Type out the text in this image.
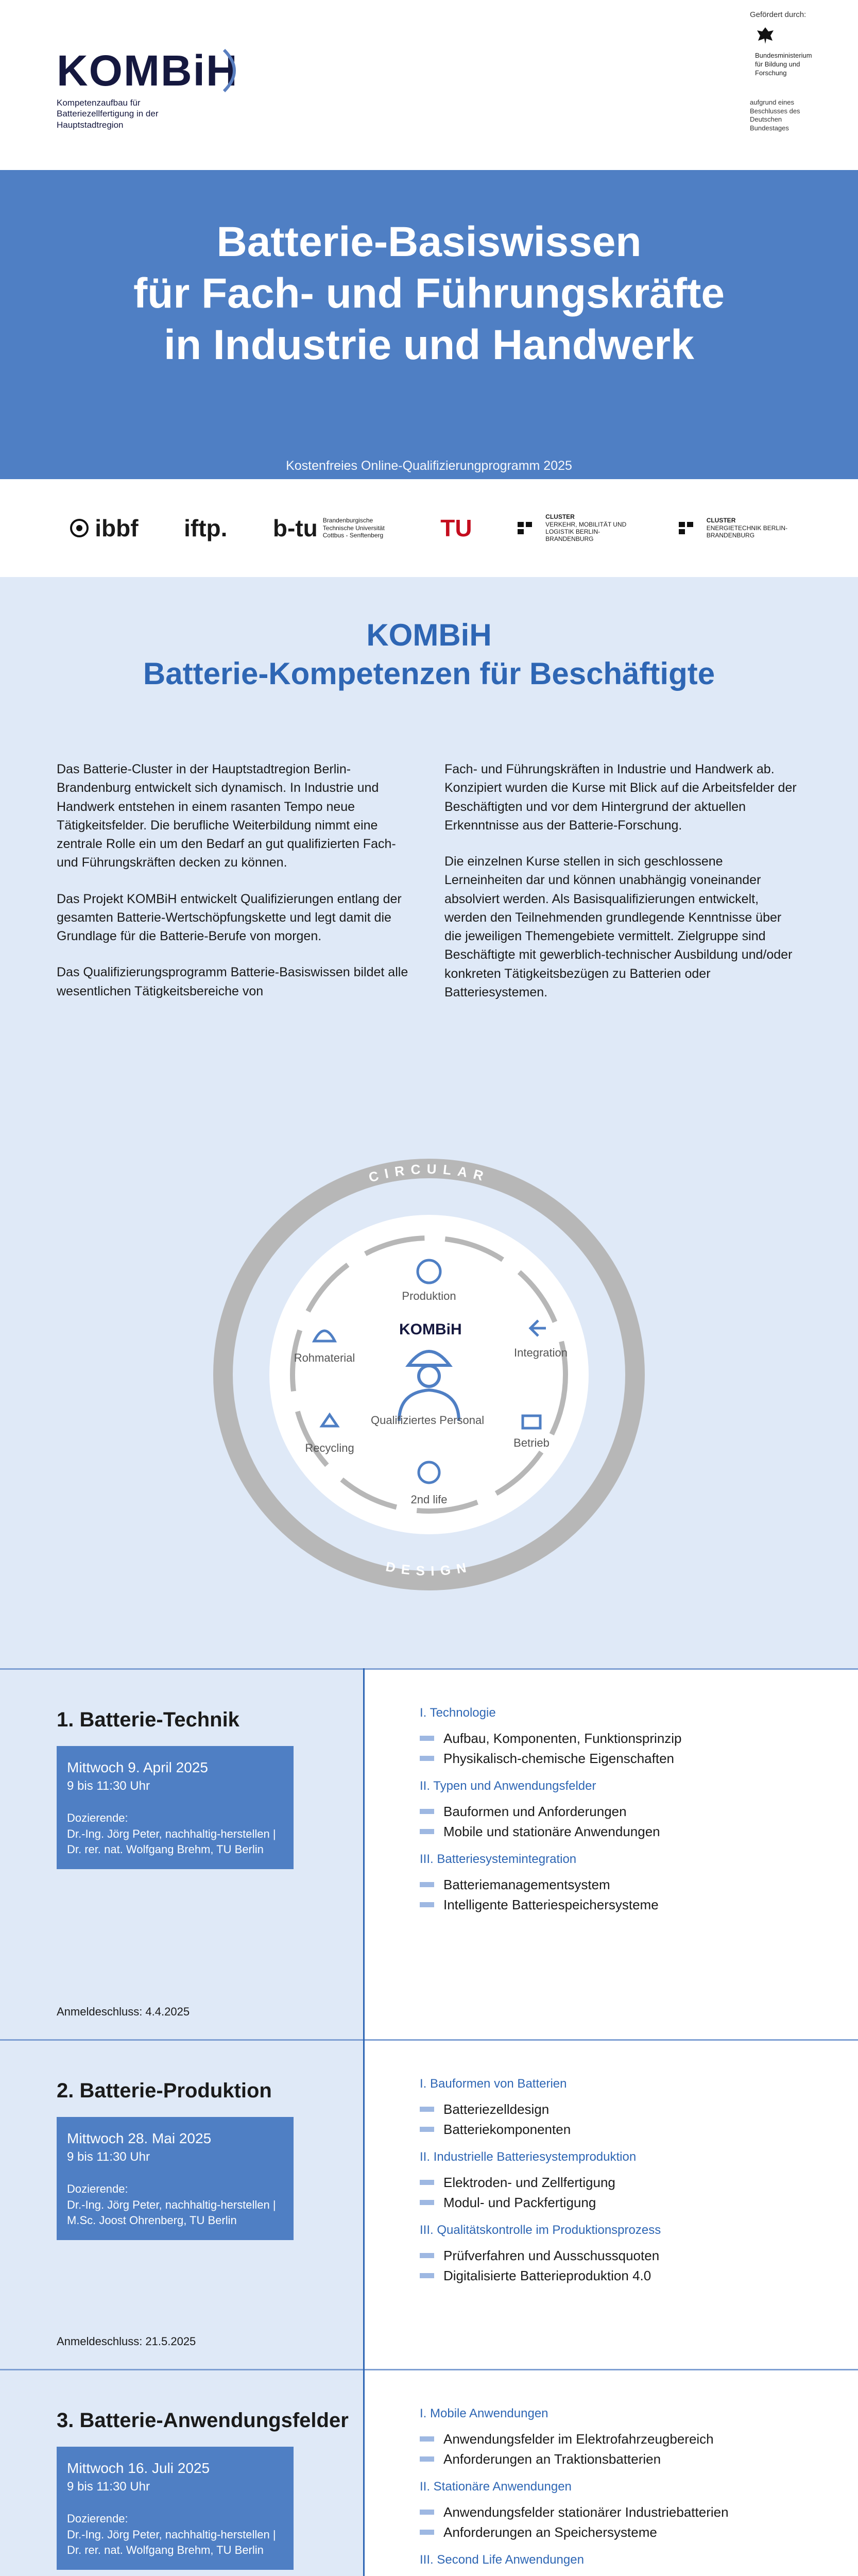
KOMBiH
Kompetenzaufbau für Batteriezellfertigung in der Hauptstadtregion
Gefördert durch:
Bundesministerium für Bildung und Forschung
aufgrund eines Beschlusses des Deutschen Bundestages
Batterie-Basiswissen
für Fach- und Führungskräfte
in Industrie und Handwerk
Kostenfreies Online-Qualifizierungprogramm 2025
ibbf iftp. b-tu Brandenburgische Technische Universität Cottbus - Senftenberg	TU	CLUSTER
VERKEHR, MOBILITÄT UND LOGISTIK BERLIN-BRANDENBURG
CLUSTER
ENERGIETECHNIK BERLIN-BRANDENBURG
KOMBiH
Batterie-Kompetenzen für Beschäftigte

Das Batterie-Cluster in der Hauptstadtregion Berlin-Brandenburg entwickelt sich dynamisch. In Industrie und Handwerk entstehen in einem rasanten Tempo neue Tätigkeitsfelder. Die berufliche Weiterbildung nimmt eine zentrale Rolle ein um den Bedarf an gut qualifizierten Fach- und Führungskräften decken zu können.

Das Projekt KOMBiH entwickelt Qualifizierungen entlang der gesamten Batterie-Wertschöpfungskette und legt damit die Grundlage für die Batterie-Berufe von morgen.

Das Qualifizierungsprogramm Batterie-Basiswissen bildet alle wesentlichen Tätigkeitsbereiche von

Fach- und Führungskräften in Industrie und Handwerk ab. Konzipiert wurden die Kurse mit Blick auf die Arbeitsfelder der Beschäftigten und vor dem Hintergrund der aktuellen Erkenntnisse aus der Batterie-Forschung.

Die einzelnen Kurse stellen in sich geschlossene Lerneinheiten dar und können unabhängig voneinander absolviert werden. Als Basisqualifizierungen entwickelt, werden den Teilnehmenden grundlegende Kenntnisse über die jeweiligen Themengebiete vermittelt. Zielgruppe sind Beschäftigte mit gewerblich-technischer Ausbildung und/oder konkreten Tätigkeitsbezügen zu Batterien oder Batteriesystemen.

CIRCULAR
DESIGN
KOMBiH
Qualifiziertes Personal
Produktion
Integration
Betrieb
2nd life
Recycling
Rohmaterial
1. Batterie-Technik
Mittwoch 9. April 2025
9 bis 11:30 Uhr
Dozierende:
Dr.-Ing. Jörg Peter, nachhaltig-herstellen | Dr. rer. nat. Wolfgang Brehm, TU Berlin
Anmeldeschluss: 4.4.2025
I. Technologie
Aufbau, Komponenten, Funktionsprinzip
Physikalisch-chemische Eigenschaften
II. Typen und Anwendungsfelder
Bauformen und Anforderungen
Mobile und stationäre Anwendungen
III. Batteriesystemintegration
Batteriemanagementsystem
Intelligente Batteriespeichersysteme
2. Batterie-Produktion
Mittwoch 28. Mai 2025
9 bis 11:30 Uhr
Dozierende:
Dr.-Ing. Jörg Peter, nachhaltig-herstellen | M.Sc. Joost Ohrenberg, TU Berlin
Anmeldeschluss: 21.5.2025
I. Bauformen von Batterien
Batteriezelldesign
Batteriekomponenten
II. Industrielle Batteriesystemproduktion
Elektroden- und Zellfertigung
Modul- und Packfertigung
III. Qualitätskontrolle im Produktionsprozess
Prüfverfahren und Ausschussquoten
Digitalisierte Batterieproduktion 4.0
3. Batterie-Anwendungsfelder
Mittwoch 16. Juli 2025
9 bis 11:30 Uhr
Dozierende:
Dr.-Ing. Jörg Peter, nachhaltig-herstellen | Dr. rer. nat. Wolfgang Brehm, TU Berlin
I. Mobile Anwendungen
Anwendungsfelder im Elektrofahrzeugbereich
Anforderungen an Traktionsbatterien
II. Stationäre Anwendungen
Anwendungsfelder stationärer Industriebatterien
Anforderungen an Speichersysteme
III. Second Life Anwendungen
